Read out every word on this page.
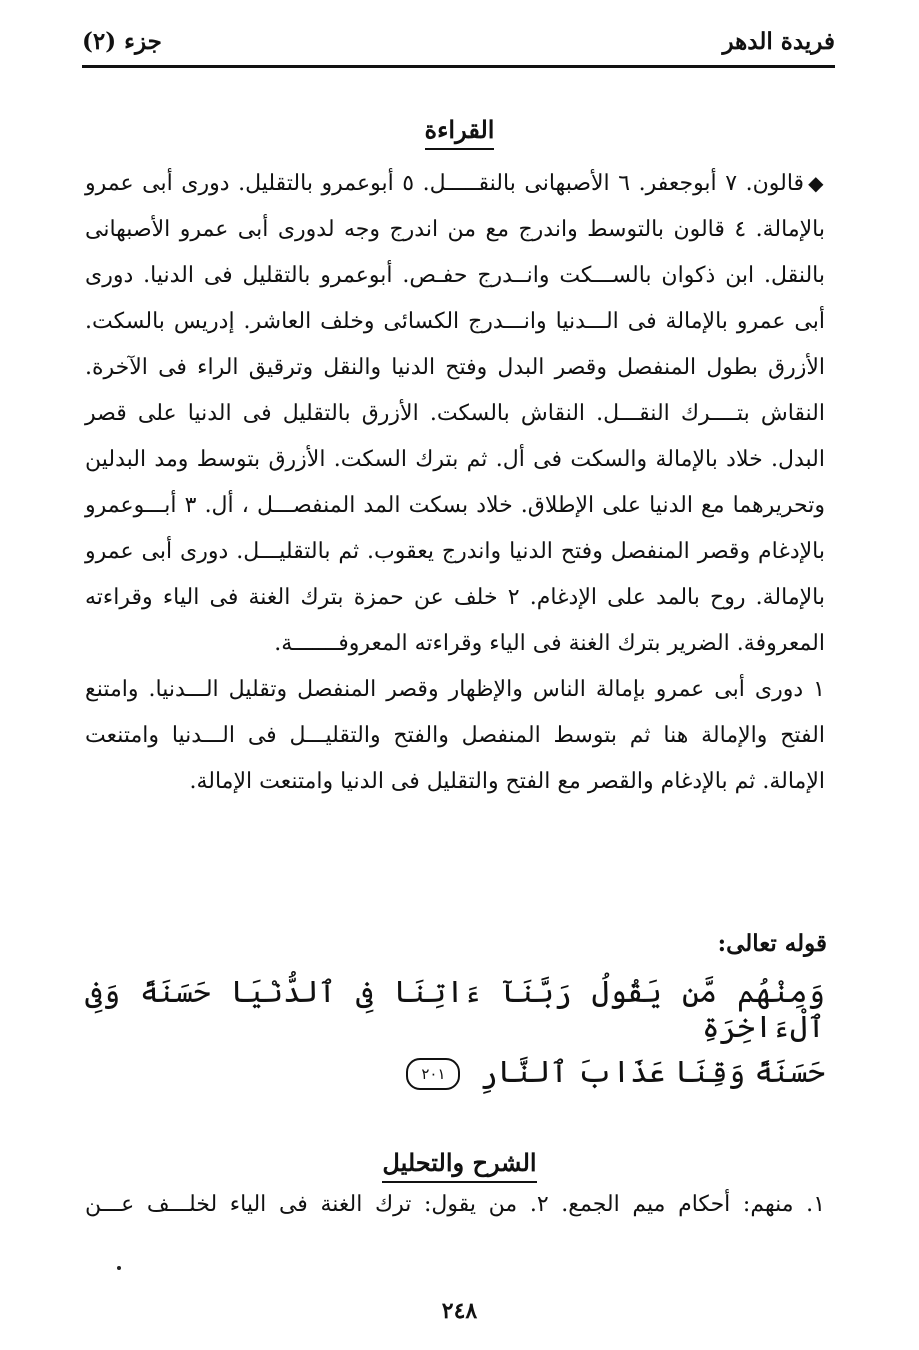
فريدة الدهر
جزء (٢)
القراءة

◆قالون. ٧ أبوجعفر. ٦ الأصبهانى بالنقـــــل. ٥ أبوعمرو بالتقليل. دورى أبى عمرو بالإمالة. ٤ قالون بالتوسط واندرج مع من اندرج وجه لدورى أبى عمرو الأصبهانى بالنقل. ابن ذكوان بالســـكت وانــدرج حفـص. أبوعمرو بالتقليل فى الدنيا. دورى أبى عمرو بالإمالة فى الـــدنيا وانـــدرج الكسائى وخلف العاشر. إدريس بالسكت. الأزرق بطول المنفصل وقصر البدل وفتح الدنيا والنقل وترقيق الراء فى الآخرة. النقاش بتــــرك النقـــل. النقاش بالسكت. الأزرق بالتقليل فى الدنيا على قصر البدل. خلاد بالإمالة والسكت فى أل. ثم بترك السكت. الأزرق بتوسط ومد البدلين وتحريرهما مع الدنيا على الإطلاق. خلاد بسكت المد المنفصـــل ، أل. ٣ أبـــوعمرو بالإدغام وقصر المنفصل وفتح الدنيا واندرج يعقوب. ثم بالتقليـــل. دورى أبى عمرو بالإمالة. روح بالمد على الإدغام. ٢ خلف عن حمزة بترك الغنة فى الياء وقراءته المعروفة. الضرير بترك الغنة فى الياء وقراءته المعروفـــــــة.

١ دورى أبى عمرو بإمالة الناس والإظهار وقصر المنفصل وتقليل الـــدنيا. وامتنع الفتح والإمالة هنا ثم بتوسط المنفصل والفتح والتقليـــل فى الـــدنيا وامتنعت الإمالة. ثم بالإدغام والقصر مع الفتح والتقليل فى الدنيا وامتنعت الإمالة.

قوله تعالى:
وَمِنْهُم مَّن يَقُولُ رَبَّنَآ ءَاتِنَا فِى ٱلدُّنْيَا حَسَنَةً وَفِى ٱلْءَاخِرَةِ
حَسَنَةً وَقِنَا عَذَابَ ٱلنَّارِ ٢٠١
الشرح والتحليل
١. منهم: أحكام ميم الجمع. ٢. من يقول: ترك الغنة فى الياء لخلـــف عـــن
٢٤٨
